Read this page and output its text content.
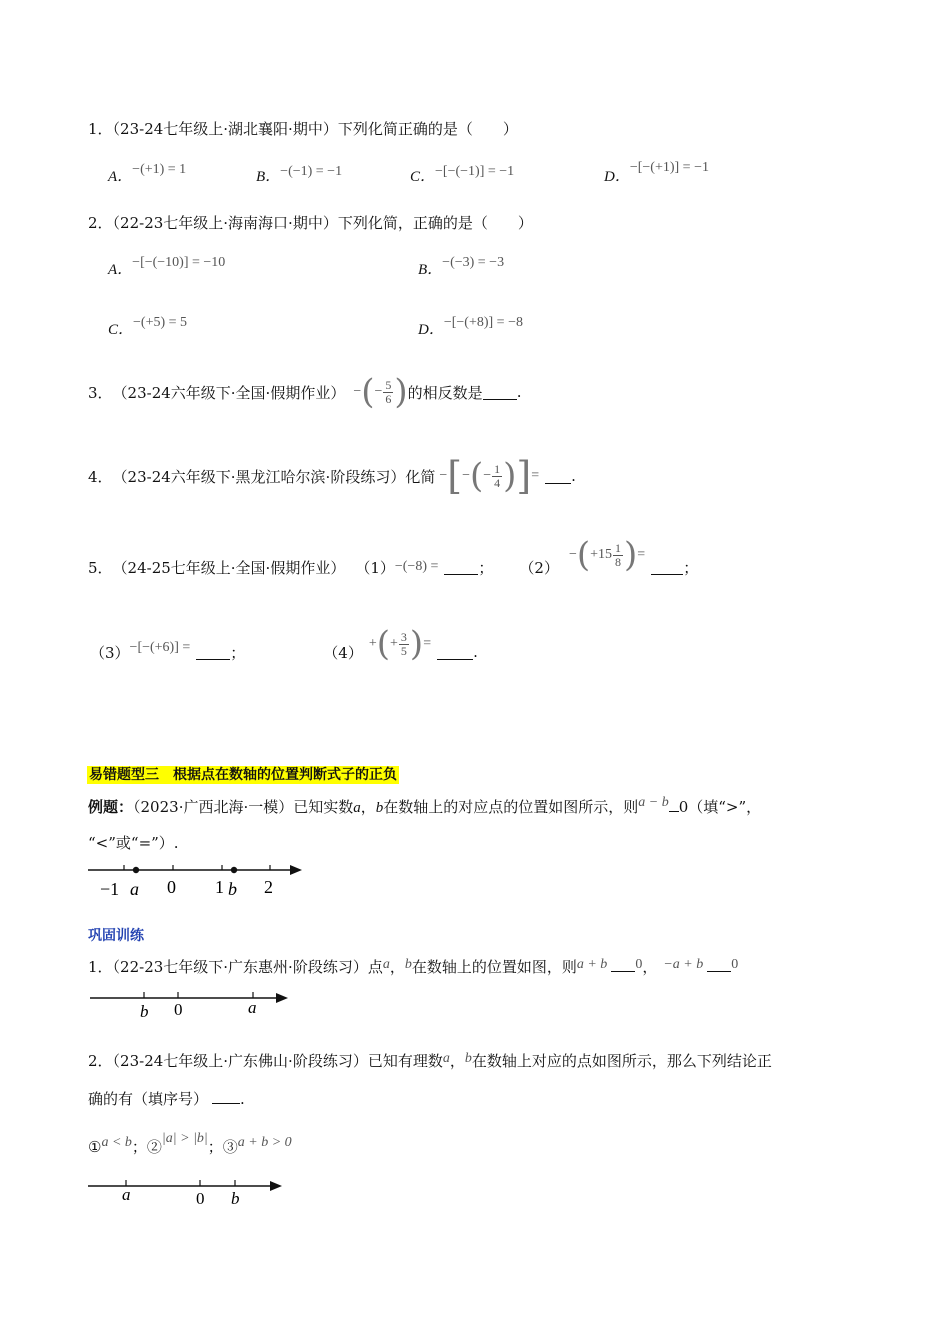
1．（23-24七年级上·湖北襄阳·期中）下列化简正确的是（　　）
A．−(+1) = 1	B．−(−1) = −1	C．−[−(−1)] = −1	D．−[−(+1)] = −1
2．（22-23七年级上·海南海口·期中）下列化简，正确的是（　　）
A．−[−(−10)] = −10	B．−(−3) = −3
C．−(+5) = 5	D．−[−(+8)] = −8
3． （23-24六年级下·全国·假期作业） − ( − $\frac{5}{6}$ ) 的相反数是 .
4． （23-24六年级下·黑龙江哈尔滨·阶段练习）化简 − [ − ( − $\frac{1}{4}$ ) ] = .
5． （24-25七年级上·全国·假期作业） （1） −(−8) =	； （2）
− ( $+15 \frac{1}{8}$ ) =
；
（3） −[−(+6)] =	；	（4） + ( + $\frac{3}{5}$ ) =	.
易错题型三　根据点在数轴的位置判断式子的正负
例题：（2023·广西北海·一模）已知实数a，b在数轴上的对应点的位置如图所示，则a − b 0（填“>”，
“<”或“=”）.
−1 a 0 1 b 2
巩固训练
1．（22-23七年级下·广东惠州·阶段练习）点a，b在数轴上的位置如图，则a + b 0， −a + b 0
b 0	a
2．（23-24七年级上·广东佛山·阶段练习）已知有理数a，b在数轴上对应的点如图所示，那么下列结论正
确的有（填序号） .
①a < b；②|a| > |b|；③a + b > 0
a	0 b
